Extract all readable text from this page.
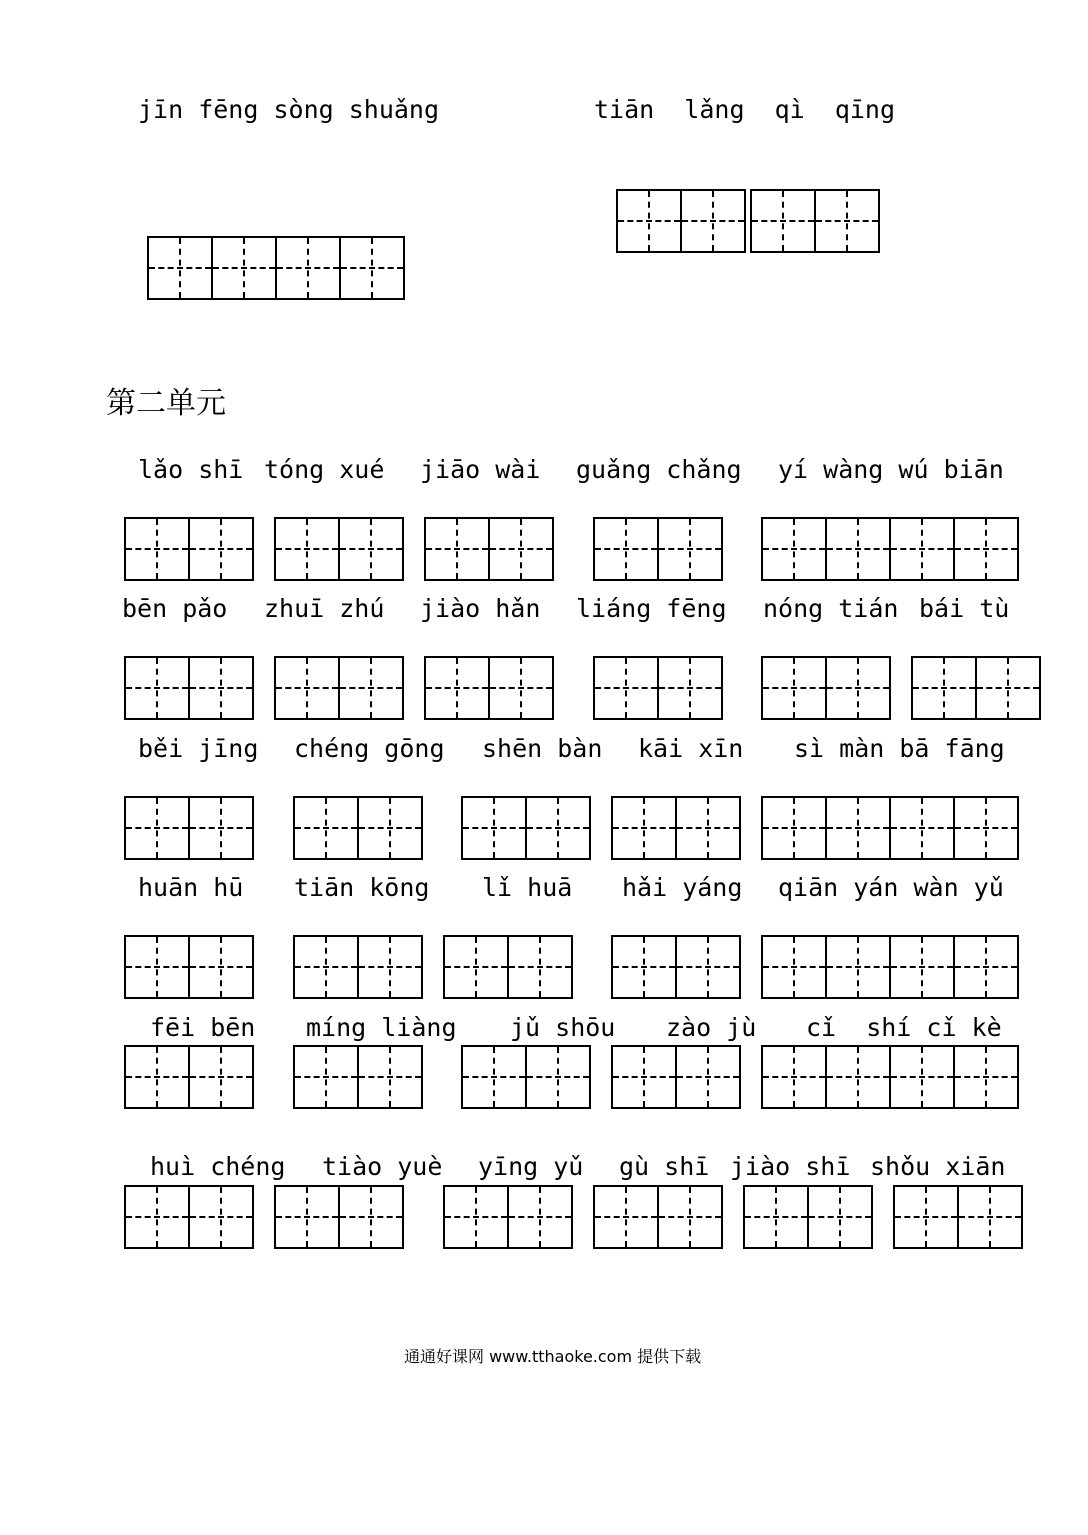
jīn fēng sòng shuǎng	tiān  lǎng  qì  qīng
第二单元
lǎo shī tóng xué jiāo wài guǎng chǎng yí wàng wú biān
bēn pǎo zhuī zhú jiào hǎn liáng fēng nóng tián bái tù
běi jīng chéng gōng shēn bàn kāi xīn sì màn bā fāng
huān hū tiān kōng lǐ huā hǎi yáng qiān yán wàn yǔ
fēi bēn míng liàng jǔ shōu zào jù cǐ  shí cǐ kè
huì chéng tiào yuè yīng yǔ gù shī jiào shī shǒu xiān
通通好课网 www.tthaoke.com 提供下载
